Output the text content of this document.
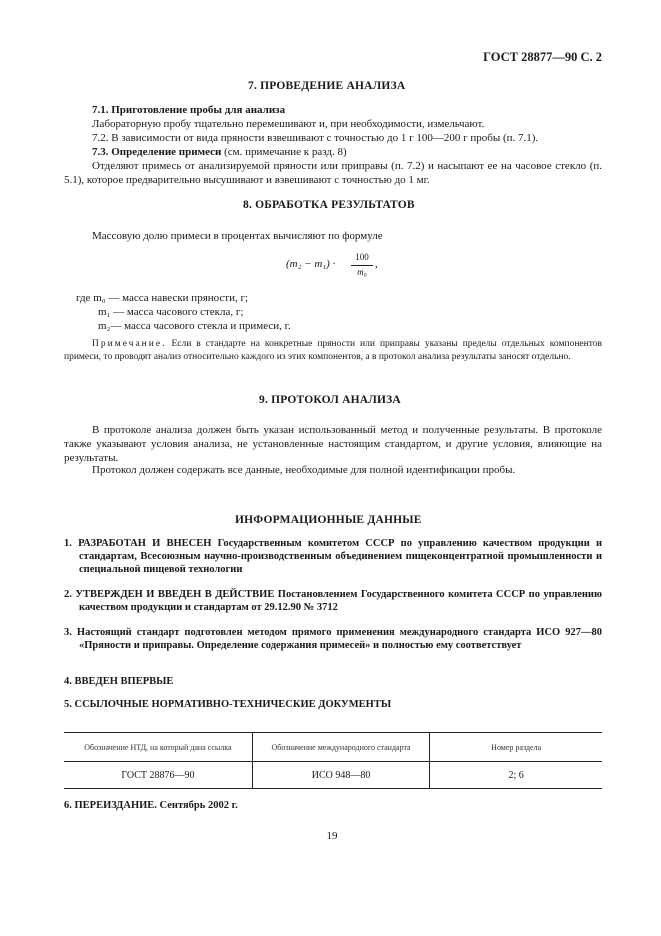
ГОСТ 28877—90 С. 2
7. ПРОВЕДЕНИЕ АНАЛИЗА
7.1. Приготовление пробы для анализа
Лабораторную пробу тщательно перемешивают и, при необходимости, измельчают.
7.2. В зависимости от вида пряности взвешивают с точностью до 1 г 100—200 г пробы (п. 7.1).
7.3. Определение примеси (см. примечание к разд. 8)
Отделяют примесь от анализируемой пряности или приправы (п. 7.2) и насыпают ее на часовое стекло (п. 5.1), которое предварительно высушивают и взвешивают с точностью до 1 мг.
8. ОБРАБОТКА РЕЗУЛЬТАТОВ
Массовую долю примеси в процентах вычисляют по формуле
(m₂ − m₁) ·
100
m₀
,
где m₀ — масса навески пряности, г;
m₁ — масса часового стекла, г;
m₂— масса часового стекла и примеси, г.
Примечание. Если в стандарте на конкретные пряности или приправы указаны пределы отдельных компонентов примеси, то проводят анализ относительно каждого из этих компонентов, а в протокол анализа результаты заносят отдельно.
9. ПРОТОКОЛ АНАЛИЗА
В протоколе анализа должен быть указан использованный метод и полученные результаты. В протоколе также указывают условия анализа, не установленные настоящим стандартом, и другие условия, влияющие на результаты.
Протокол должен содержать все данные, необходимые для полной идентификации пробы.
ИНФОРМАЦИОННЫЕ ДАННЫЕ
1. РАЗРАБОТАН И ВНЕСЕН Государственным комитетом СССР по управлению качеством продукции и стандартам, Всесоюзным научно-производственным объединением пищеконцентратной промышленности и специальной пищевой технологии
2. УТВЕРЖДЕН И ВВЕДЕН В ДЕЙСТВИЕ Постановлением Государственного комитета СССР по управлению качеством продукции и стандартам от 29.12.90 № 3712
3. Настоящий стандарт подготовлен методом прямого применения международного стандарта ИСО 927—80 «Пряности и приправы. Определение содержания примесей» и полностью ему соответствует
4. ВВЕДЕН ВПЕРВЫЕ
5. ССЫЛОЧНЫЕ НОРМАТИВНО-ТЕХНИЧЕСКИЕ ДОКУМЕНТЫ
Обозначение НТД, на который дана ссылка	Обозначение международного стандарта	Номер раздела
ГОСТ 28876—90	ИСО 948—80	2; 6
6. ПЕРЕИЗДАНИЕ. Сентябрь 2002 г.
19
